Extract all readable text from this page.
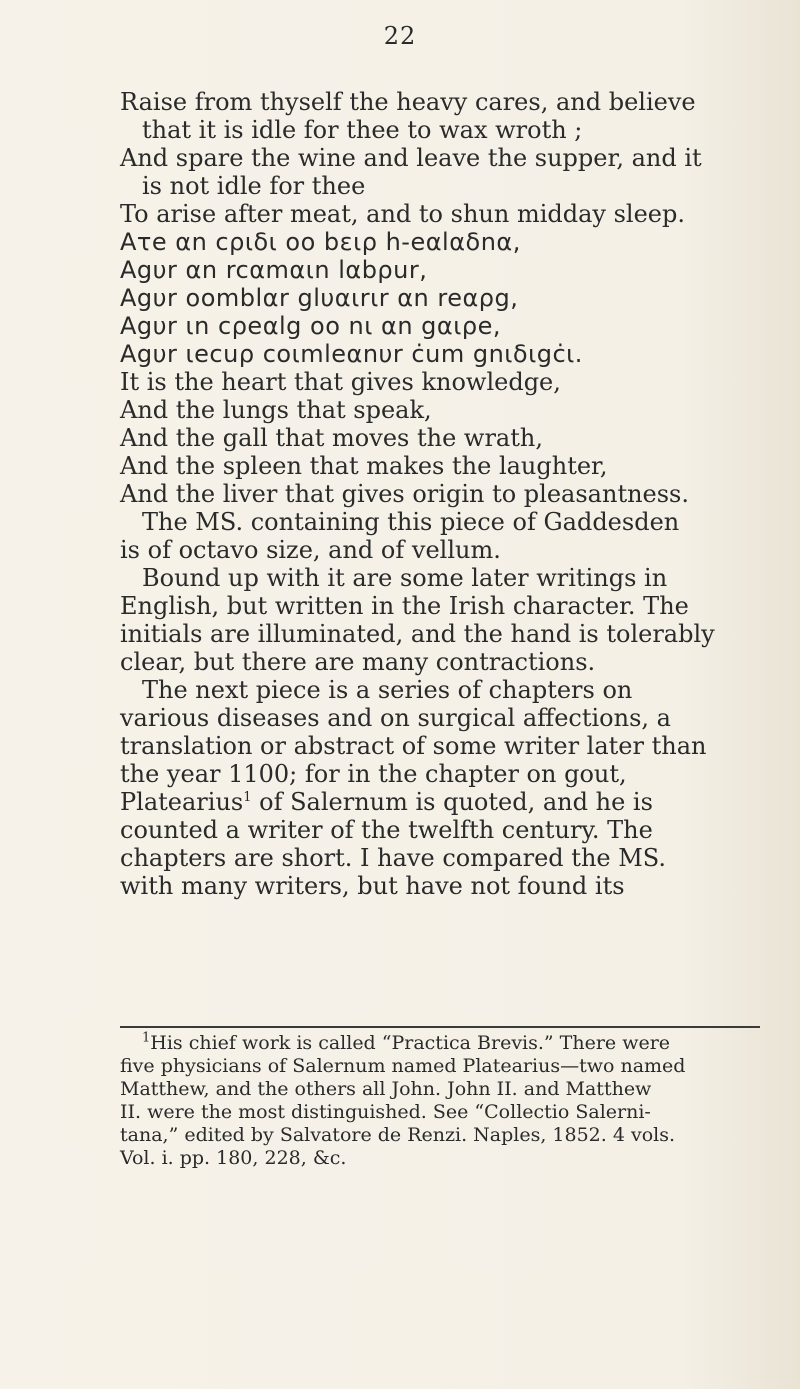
22
Raise from thyself the heavy cares, and believe
that it is idle for thee to wax wroth ;
And spare the wine and leave the supper, and it
is not idle for thee
To arise after meat, and to shun midday sleep.
Ατe αn cριδι οο bειρ h-eαlαδnα,
Αgυr αn rcαmαιn lαbρur,
Αgυr οomblαr glυαιrιr αn reαρg,
Αgυr ιn cρeαlg οο nι αn gαιρe,
Αgυr ιecuρ coιmleαnυr ċum gnιδιgċι.
It is the heart that gives knowledge,
And the lungs that speak,
And the gall that moves the wrath,
And the spleen that makes the laughter,
And the liver that gives origin to pleasantness.
The MS. containing this piece of Gaddesden
is of octavo size, and of vellum.
Bound up with it are some later writings in
English, but written in the Irish character. The
initials are illuminated, and the hand is tolerably
clear, but there are many contractions.
The next piece is a series of chapters on
various diseases and on surgical affections, a
translation or abstract of some writer later than
the year 1100; for in the chapter on gout,
Platearius$^1$ of Salernum is quoted, and he is
counted a writer of the twelfth century. The
chapters are short. I have compared the MS.
with many writers, but have not found its
$^1$His chief work is called “Practica Brevis.” There were
five physicians of Salernum named Platearius—two named
Matthew, and the others all John. John II. and Matthew
II. were the most distinguished. See “Collectio Salerni-
tana,” edited by Salvatore de Renzi. Naples, 1852. 4 vols.
Vol. i. pp. 180, 228, &c.
